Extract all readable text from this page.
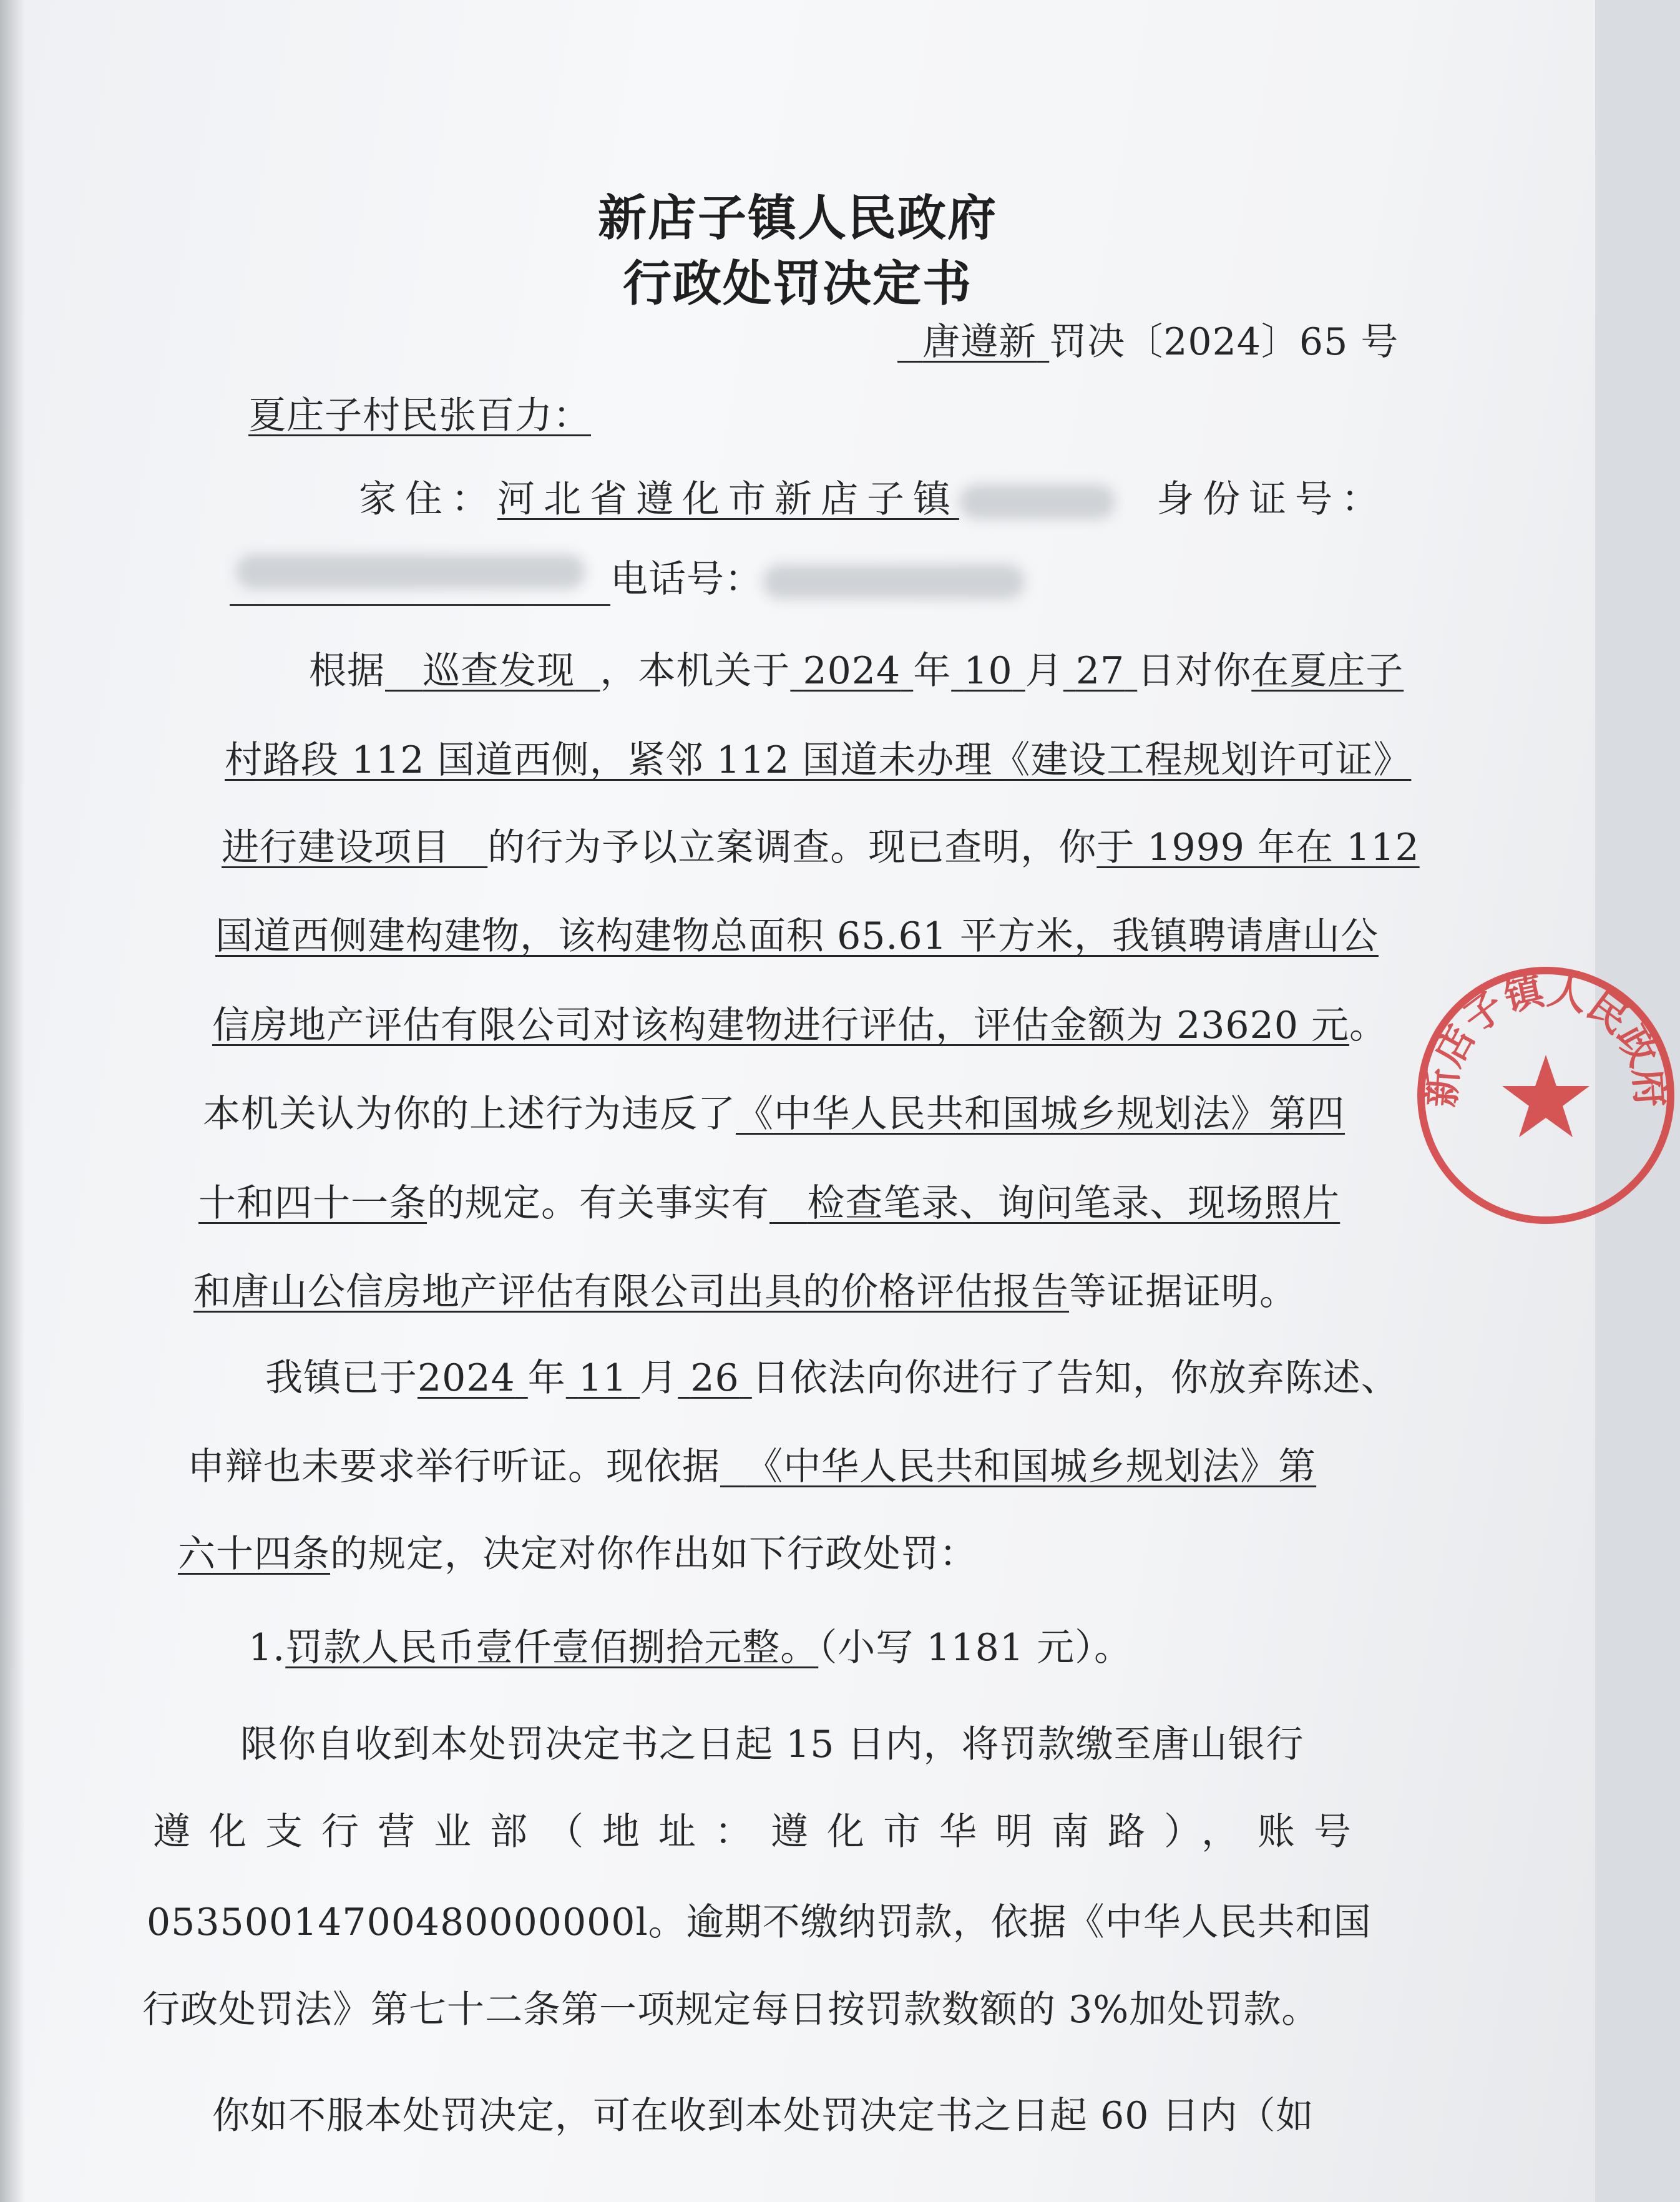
新店子镇人民政府
行政处罚决定书
唐遵新 罚决〔2024〕65 号
夏庄子村民张百力：
家住：河北省遵化市新店子镇	身份证号：
电话号：
根据 巡查发现 ，本机关于 2024 年 10 月 27 日对你在夏庄子
村路段 112 国道西侧，紧邻 112 国道未办理《建设工程规划许可证》
进行建设项目 的行为予以立案调查。现已查明，你于 1999 年在 112
国道西侧建构建物，该构建物总面积 65.61 平方米，我镇聘请唐山公
信房地产评估有限公司对该构建物进行评估，评估金额为 23620 元。
本机关认为你的上述行为违反了《中华人民共和国城乡规划法》第四
十和四十一条的规定。有关事实有 检查笔录、询问笔录、现场照片
和唐山公信房地产评估有限公司出具的价格评估报告等证据证明。
我镇已于2024 年 11 月 26 日依法向你进行了告知，你放弃陈述、
申辩也未要求举行听证。现依据 《中华人民共和国城乡规划法》第
六十四条的规定，决定对你作出如下行政处罚：
1.罚款人民币壹仟壹佰捌拾元整。（小写 1181 元）。
限你自收到本处罚决定书之日起 15 日内，将罚款缴至唐山银行
遵化支行营业部（地址：遵化市华明南路），账号
05350014700480000000l。逾期不缴纳罚款，依据《中华人民共和国
行政处罚法》第七十二条第一项规定每日按罚款数额的 3%加处罚款。
你如不服本处罚决定，可在收到本处罚决定书之日起 60 日内（如
新店子镇人民政府
